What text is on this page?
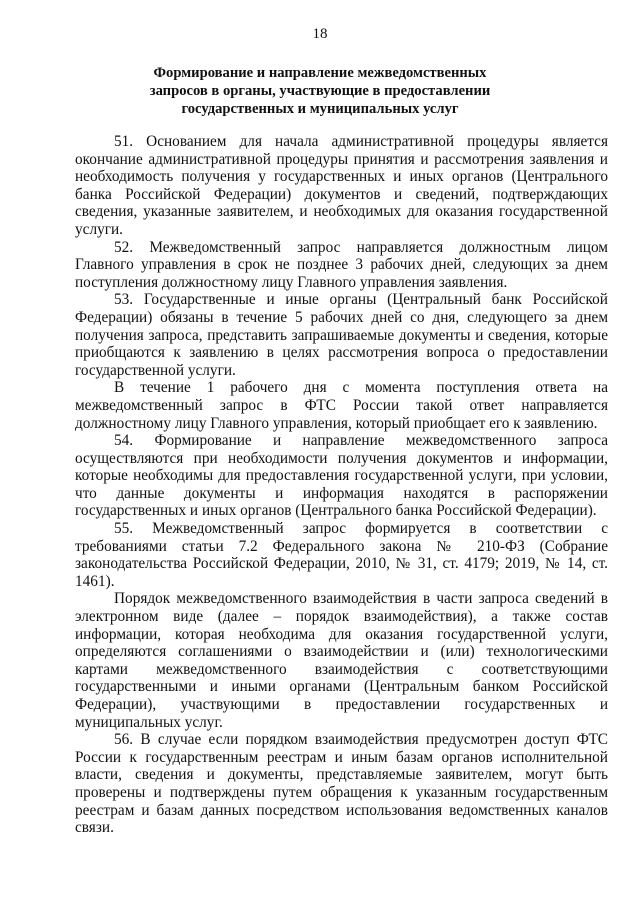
18
Формирование и направление межведомственных
запросов в органы, участвующие в предоставлении
государственных и муниципальных услуг

51. Основанием для начала административной процедуры является окончание административной процедуры принятия и рассмотрения заявления и необходимость получения у государственных и иных органов (Центрального банка Российской Федерации) документов и сведений, подтверждающих сведения, указанные заявителем, и необходимых для оказания государственной услуги.

52. Межведомственный запрос направляется должностным лицом Главного управления в срок не позднее 3 рабочих дней, следующих за днем поступления должностному лицу Главного управления заявления.

53. Государственные и иные органы (Центральный банк Российской Федерации) обязаны в течение 5 рабочих дней со дня, следующего за днем получения запроса, представить запрашиваемые документы и сведения, которые приобщаются к заявлению в целях рассмотрения вопроса о предоставлении государственной услуги.

В течение 1 рабочего дня с момента поступления ответа на межведомственный запрос в ФТС России такой ответ направляется должностному лицу Главного управления, который приобщает его к заявлению.

54. Формирование и направление межведомственного запроса осуществляются при необходимости получения документов и информации, которые необходимы для предоставления государственной услуги, при условии, что данные документы и информация находятся в распоряжении государственных и иных органов (Центрального банка Российской Федерации).

55. Межведомственный запрос формируется в соответствии с требованиями статьи 7.2 Федерального закона № 210-ФЗ (Собрание законодательства Российской Федерации, 2010, № 31, ст. 4179; 2019, № 14, ст. 1461).

Порядок межведомственного взаимодействия в части запроса сведений в электронном виде (далее – порядок взаимодействия), а также состав информации, которая необходима для оказания государственной услуги, определяются соглашениями о взаимодействии и (или) технологическими картами межведомственного взаимодействия с соответствующими государственными и иными органами (Центральным банком Российской Федерации), участвующими в предоставлении государственных и муниципальных услуг.

56. В случае если порядком взаимодействия предусмотрен доступ ФТС России к государственным реестрам и иным базам органов исполнительной власти, сведения и документы, представляемые заявителем, могут быть проверены и подтверждены путем обращения к указанным государственным реестрам и базам данных посредством использования ведомственных каналов связи.
